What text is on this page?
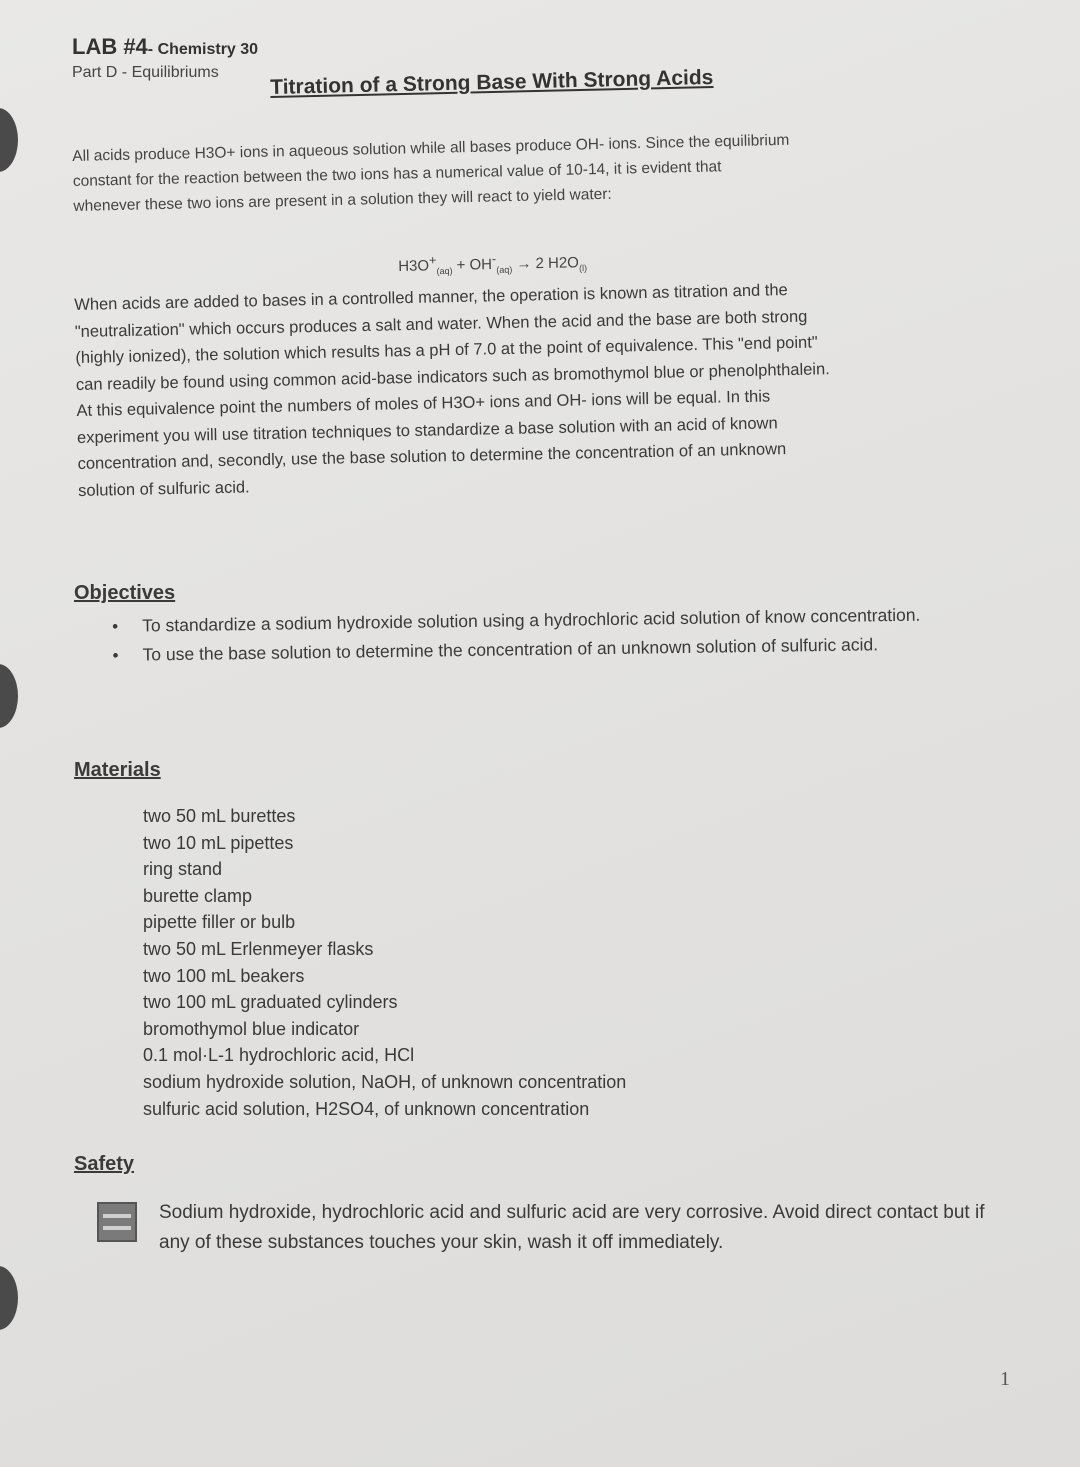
LAB #4- Chemistry 30
Part D - Equilibriums Titration of a Strong Base With Strong Acids

All acids produce H3O+ ions in aqueous solution while all bases produce OH- ions. Since the equilibrium
constant for the reaction between the two ions has a numerical value of 10-14, it is evident that
whenever these two ions are present in a solution they will react to yield water:

$H3O^+_{(aq)} + OH^-_{(aq)} \to 2$ $H2O_{(l)}$

When acids are added to bases in a controlled manner, the operation is known as titration and the
"neutralization" which occurs produces a salt and water. When the acid and the base are both strong
(highly ionized), the solution which results has a pH of 7.0 at the point of equivalence. This "end point"
can readily be found using common acid-base indicators such as bromothymol blue or phenolphthalein.
At this equivalence point the numbers of moles of H3O+ ions and OH- ions will be equal. In this
experiment you will use titration techniques to standardize a base solution with an acid of known
concentration and, secondly, use the base solution to determine the concentration of an unknown
solution of sulfuric acid.

Objectives
• To standardize a sodium hydroxide solution using a hydrochloric acid solution of know concentration.
• To use the base solution to determine the concentration of an unknown solution of sulfuric acid.
Materials
two 50 mL burettes
two 10 mL pipettes
ring stand
burette clamp
pipette filler or bulb
two 50 mL Erlenmeyer flasks
two 100 mL beakers
two 100 mL graduated cylinders
bromothymol blue indicator
0.1 mol·L-1 hydrochloric acid, HCl
sodium hydroxide solution, NaOH, of unknown concentration
sulfuric acid solution, H2SO4, of unknown concentration
Safety

Sodium hydroxide, hydrochloric acid and sulfuric acid are very corrosive. Avoid direct contact but if any of these substances touches your skin, wash it off immediately.

1
